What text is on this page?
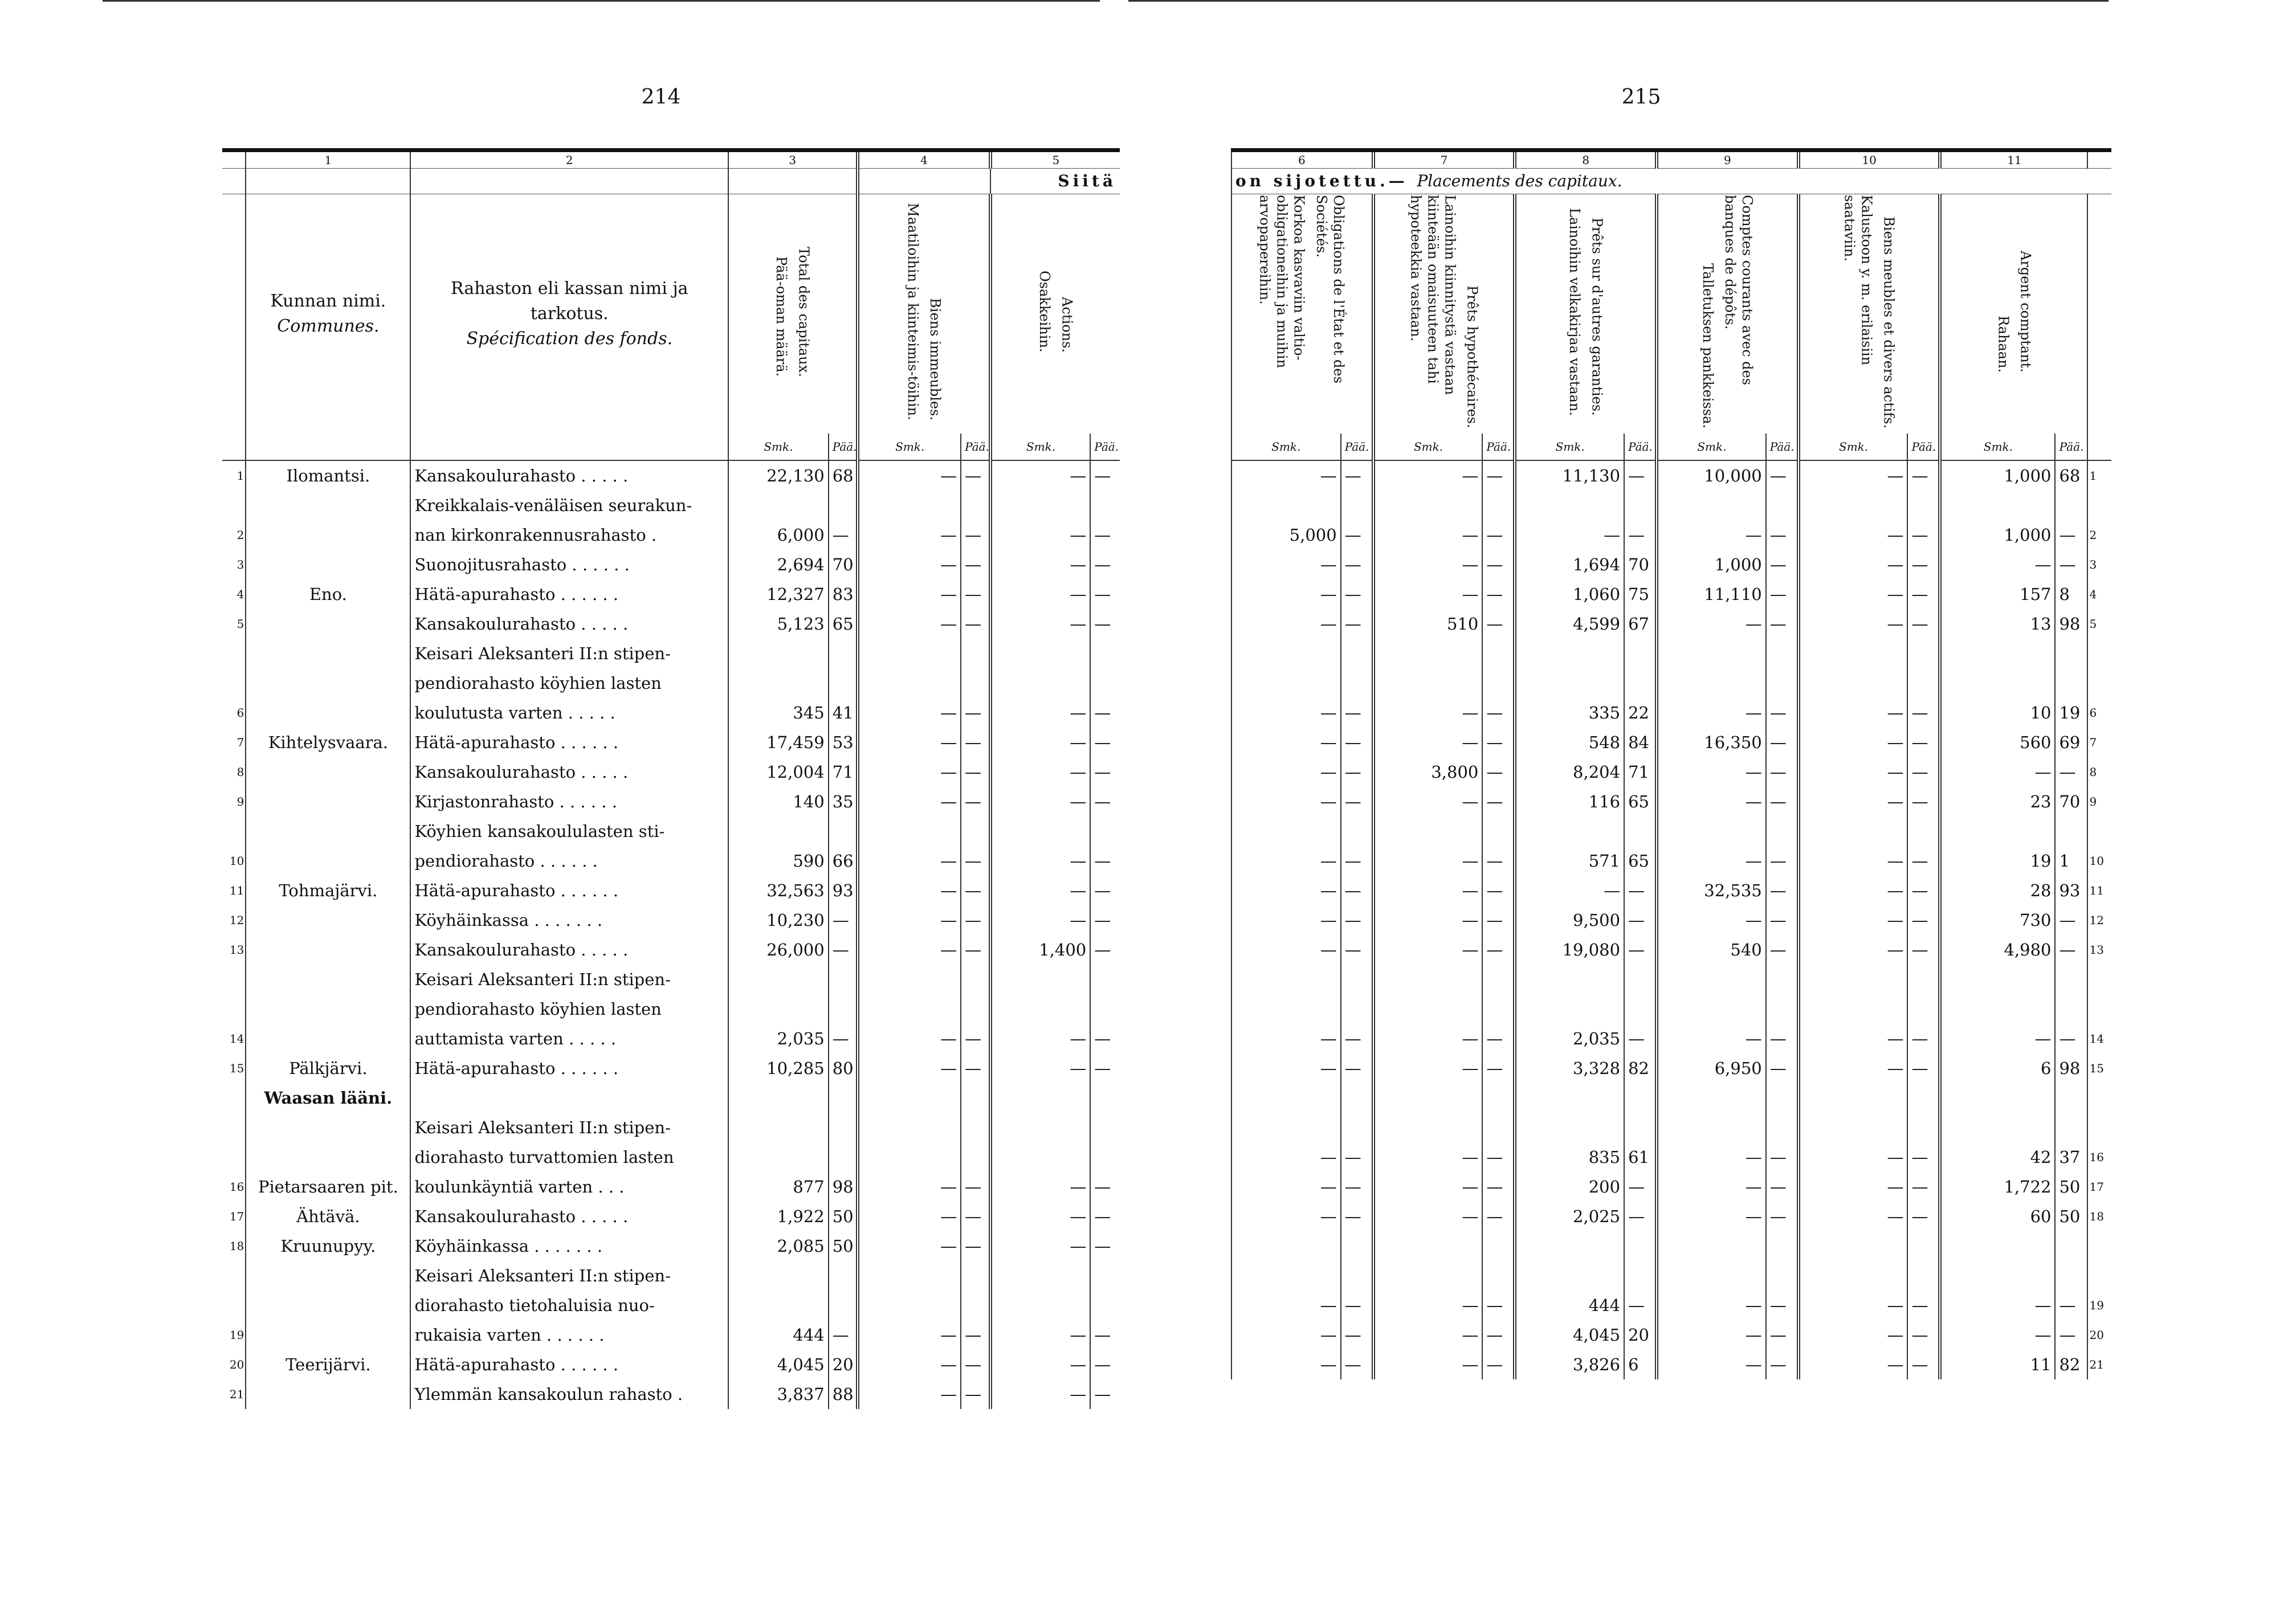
214
	1	2	3		4		5	
							Siitä	

	Kunnan nimi.
Communes.	Rahaston eli kassan nimi ja tarkotus.
Spécification des fonds.	Pää-oman määrä. Total des capitaux.		Maatiloihin ja kiinteimis-töihin. Biens immeubles.		Osakkeihin. Actions.	
			Smk.	Pää.	Smk.	Pää.	Smk.	Pää.
1	Ilomantsi.	Kansakoulurahasto . . . . .	22,130	68	—	—	—	—
2		Kreikkalais-venäläisen seurakun-
nan kirkonrakennusrahasto .	6,000	—	—	—	—	—
3		Suonojitusrahasto . . . . . .	2,694	70	—	—	—	—
4	Eno.	Hätä-apurahasto . . . . . .	12,327	83	—	—	—	—
5		Kansakoulurahasto . . . . .	5,123	65	—	—	—	—
6		Keisari Aleksanteri II:n stipen-
pendiorahasto köyhien lasten
koulutusta varten . . . . .	345	41	—	—	—	—
7	Kihtelysvaara.	Hätä-apurahasto . . . . . .	17,459	53	—	—	—	—
8		Kansakoulurahasto . . . . .	12,004	71	—	—	—	—
9		Kirjastonrahasto . . . . . .	140	35	—	—	—	—
10		Köyhien kansakoululasten sti-
pendiorahasto . . . . . .	590	66	—	—	—	—
11	Tohmajärvi.	Hätä-apurahasto . . . . . .	32,563	93	—	—	—	—
12		Köyhäinkassa . . . . . . .	10,230	—	—	—	—	—
13		Kansakoulurahasto . . . . .	26,000	—	—	—	1,400	—
14		Keisari Aleksanteri II:n stipen-
pendiorahasto köyhien lasten
auttamista varten . . . . .	2,035	—	—	—	—	—
15	Pälkjärvi.	Hätä-apurahasto . . . . . .	10,285	80	—	—	—	—
	Waasan lääni.							
16	Pietarsaaren pit.	Keisari Aleksanteri II:n stipen-
diorahasto turvattomien lasten
koulunkäyntiä varten . . .	877	98	—	—	—	—
17	Ähtävä.	Kansakoulurahasto . . . . .	1,922	50	—	—	—	—
18	Kruunupyy.	Köyhäinkassa . . . . . . .	2,085	50	—	—	—	—
19		Keisari Aleksanteri II:n stipen-
diorahasto tietohaluisia nuo-
rukaisia varten . . . . . .	444	—	—	—	—	—
20	Teerijärvi.	Hätä-apurahasto . . . . . .	4,045	20	—	—	—	—
21		Ylemmän kansakoulun rahasto .	3,837	88	—	—	—	—
215
6		7		8		9		10		11		
on sijotettu.— Placements des capitaux.												
Korkoa kasvaviin valtio-obligationeihin ja muihin arvopapereihin. Obligations de l'État et des Sociétés.		Lainoihin kiinnitystä vastaan kiinteään omaisuuteen tahi hypoteekkia vastaan. Prêts hypothécaires.		Lainoihin velkakirjaa vastaan. Prêts sur d'autres garanties.		Talletuksen pankkeissa. Comptes courants avec des banques de dépôts.		Kalustoon y. m. erilaisiin saataviin. Biens meubles et divers actifs.		Rahaan. Argent comptant.		
Smk.	Pää.	Smk.	Pää.	Smk.	Pää.	Smk.	Pää.	Smk.	Pää.	Smk.	Pää.	
—	—	—	—	11,130	—	10,000	—	—	—	1,000	68	1
5,000	—	—	—	—	—	—	—	—	—	1,000	—	2
—	—	—	—	1,694	70	1,000	—	—	—	—	—	3
—	—	—	—	1,060	75	11,110	—	—	—	157	8	4
—	—	510	—	4,599	67	—	—	—	—	13	98	5
—	—	—	—	335	22	—	—	—	—	10	19	6
—	—	—	—	548	84	16,350	—	—	—	560	69	7
—	—	3,800	—	8,204	71	—	—	—	—	—	—	8
—	—	—	—	116	65	—	—	—	—	23	70	9
—	—	—	—	571	65	—	—	—	—	19	1	10
—	—	—	—	—	—	32,535	—	—	—	28	93	11
—	—	—	—	9,500	—	—	—	—	—	730	—	12
—	—	—	—	19,080	—	540	—	—	—	4,980	—	13
—	—	—	—	2,035	—	—	—	—	—	—	—	14
—	—	—	—	3,328	82	6,950	—	—	—	6	98	15

—	—	—	—	835	61	—	—	—	—	42	37	16
—	—	—	—	200	—	—	—	—	—	1,722	50	17
—	—	—	—	2,025	—	—	—	—	—	60	50	18
—	—	—	—	444	—	—	—	—	—	—	—	19
—	—	—	—	4,045	20	—	—	—	—	—	—	20
—	—	—	—	3,826	6	—	—	—	—	11	82	21
